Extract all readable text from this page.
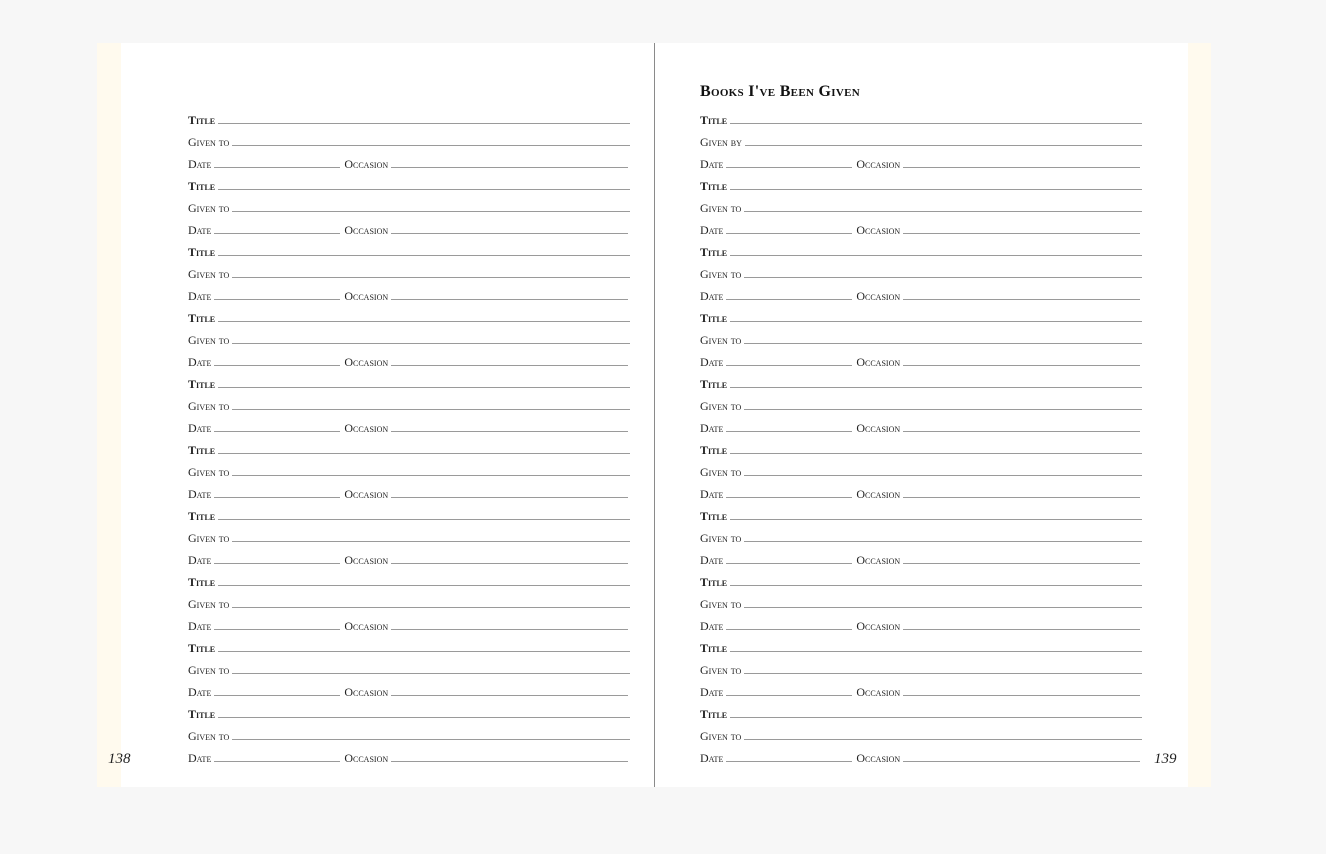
Title
Given to
Date	Occasion
Title
Given to
Date	Occasion
Title
Given to
Date	Occasion
Title
Given to
Date	Occasion
Title
Given to
Date	Occasion
Title
Given to
Date	Occasion
Title
Given to
Date	Occasion
Title
Given to
Date	Occasion
Title
Given to
Date	Occasion
Title
Given to
Date	Occasion
Books I've Been Given
Title
Given by
Date	Occasion
Title
Given to
Date	Occasion
Title
Given to
Date	Occasion
Title
Given to
Date	Occasion
Title
Given to
Date	Occasion
Title
Given to
Date	Occasion
Title
Given to
Date	Occasion
Title
Given to
Date	Occasion
Title
Given to
Date	Occasion
Title
Given to
Date	Occasion
138	139
